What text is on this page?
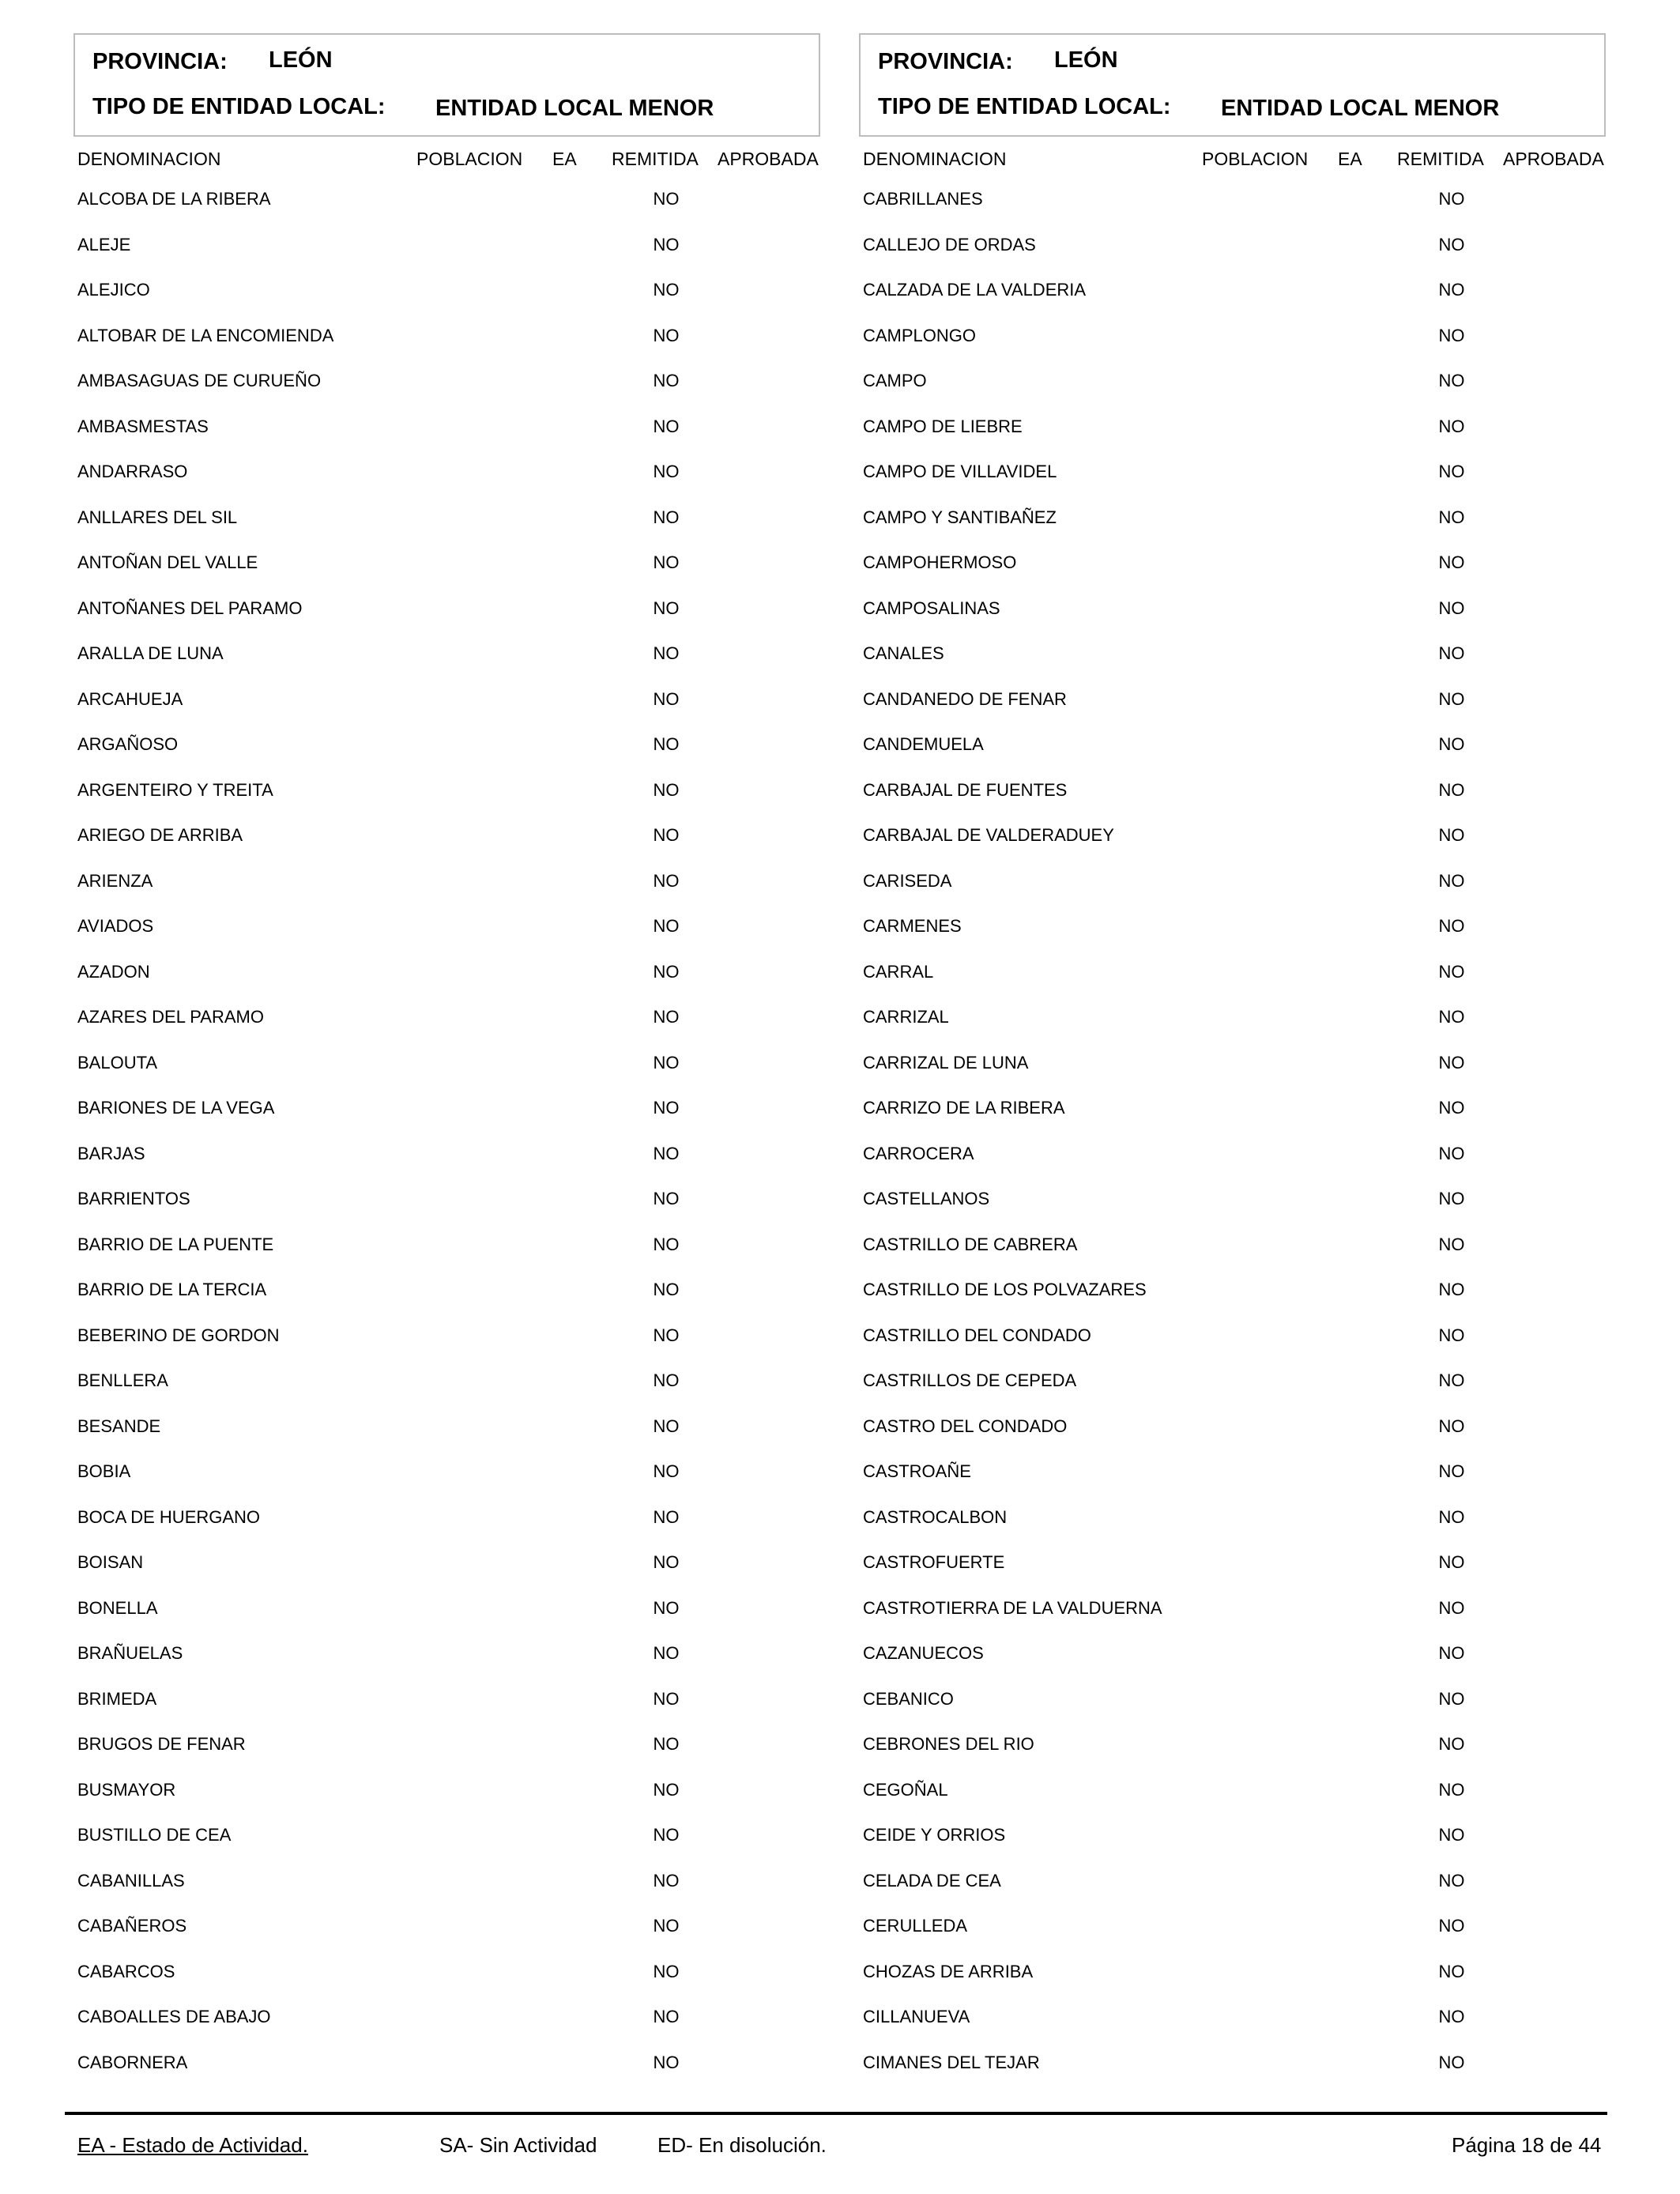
PROVINCIA: LEÓN
TIPO DE ENTIDAD LOCAL: ENTIDAD LOCAL MENOR
DENOMINACION	POBLACION EA REMITIDA APROBADA
ALCOBA DE LA RIBERA	NO
ALEJE	NO
ALEJICO	NO
ALTOBAR DE LA ENCOMIENDA	NO
AMBASAGUAS DE CURUEÑO	NO
AMBASMESTAS	NO
ANDARRASO	NO
ANLLARES DEL SIL	NO
ANTOÑAN DEL VALLE	NO
ANTOÑANES DEL PARAMO	NO
ARALLA DE LUNA	NO
ARCAHUEJA	NO
ARGAÑOSO	NO
ARGENTEIRO Y TREITA	NO
ARIEGO DE ARRIBA	NO
ARIENZA	NO
AVIADOS	NO
AZADON	NO
AZARES DEL PARAMO	NO
BALOUTA	NO
BARIONES DE LA VEGA	NO
BARJAS	NO
BARRIENTOS	NO
BARRIO DE LA PUENTE	NO
BARRIO DE LA TERCIA	NO
BEBERINO DE GORDON	NO
BENLLERA	NO
BESANDE	NO
BOBIA	NO
BOCA DE HUERGANO	NO
BOISAN	NO
BONELLA	NO
BRAÑUELAS	NO
BRIMEDA	NO
BRUGOS DE FENAR	NO
BUSMAYOR	NO
BUSTILLO DE CEA	NO
CABANILLAS	NO
CABAÑEROS	NO
CABARCOS	NO
CABOALLES DE ABAJO	NO
CABORNERA	NO
PROVINCIA: LEÓN
TIPO DE ENTIDAD LOCAL: ENTIDAD LOCAL MENOR
DENOMINACION	POBLACION EA REMITIDA APROBADA
CABRILLANES	NO
CALLEJO DE ORDAS	NO
CALZADA DE LA VALDERIA	NO
CAMPLONGO	NO
CAMPO	NO
CAMPO DE LIEBRE	NO
CAMPO DE VILLAVIDEL	NO
CAMPO Y SANTIBAÑEZ	NO
CAMPOHERMOSO	NO
CAMPOSALINAS	NO
CANALES	NO
CANDANEDO DE FENAR	NO
CANDEMUELA	NO
CARBAJAL DE FUENTES	NO
CARBAJAL DE VALDERADUEY	NO
CARISEDA	NO
CARMENES	NO
CARRAL	NO
CARRIZAL	NO
CARRIZAL DE LUNA	NO
CARRIZO DE LA RIBERA	NO
CARROCERA	NO
CASTELLANOS	NO
CASTRILLO DE CABRERA	NO
CASTRILLO DE LOS POLVAZARES	NO
CASTRILLO DEL CONDADO	NO
CASTRILLOS DE CEPEDA	NO
CASTRO DEL CONDADO	NO
CASTROAÑE	NO
CASTROCALBON	NO
CASTROFUERTE	NO
CASTROTIERRA DE LA VALDUERNA	NO
CAZANUECOS	NO
CEBANICO	NO
CEBRONES DEL RIO	NO
CEGOÑAL	NO
CEIDE Y ORRIOS	NO
CELADA DE CEA	NO
CERULLEDA	NO
CHOZAS DE ARRIBA	NO
CILLANUEVA	NO
CIMANES DEL TEJAR	NO
EA - Estado de Actividad.	SA- Sin Actividad	ED- En disolución.	Página 18 de 44
